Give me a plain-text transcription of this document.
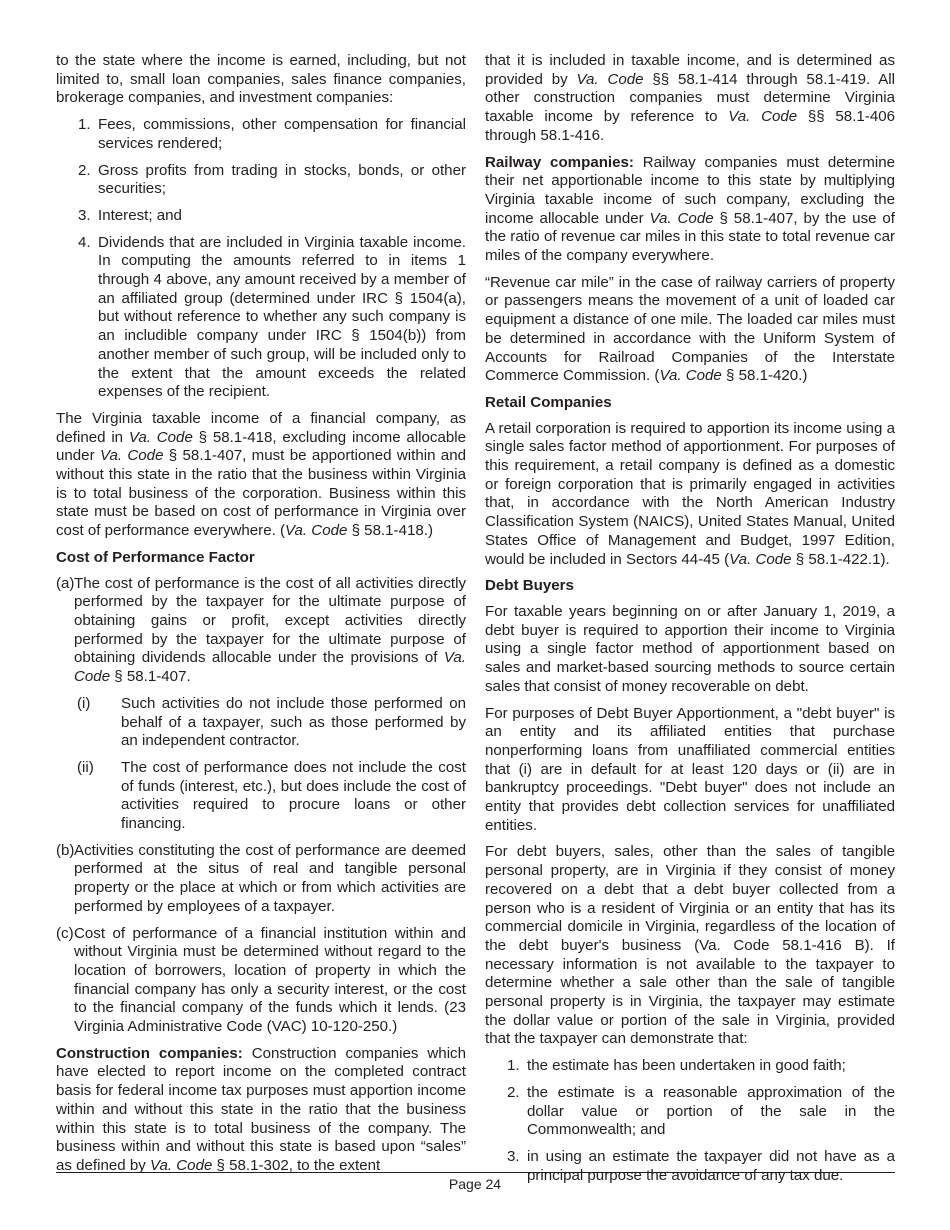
to the state where the income is earned, including, but not limited to, small loan companies, sales finance companies, brokerage companies, and investment companies:

1. Fees, commissions, other compensation for financial services rendered;
2. Gross profits from trading in stocks, bonds, or other securities;
3. Interest; and
4. Dividends that are included in Virginia taxable income. In computing the amounts referred to in items 1 through 4 above, any amount received by a member of an affiliated group (determined under IRC § 1504(a), but without reference to whether any such company is an includible company under IRC § 1504(b)) from another member of such group, will be included only to the extent that the amount exceeds the related expenses of the recipient.

The Virginia taxable income of a financial company, as defined in Va. Code § 58.1-418, excluding income allocable under Va. Code § 58.1-407, must be apportioned within and without this state in the ratio that the business within Virginia is to total business of the corporation. Business within this state must be based on cost of performance in Virginia over cost of performance everywhere. (Va. Code § 58.1-418.)

Cost of Performance Factor
(a) The cost of performance is the cost of all activities directly performed by the taxpayer for the ultimate purpose of obtaining gains or profit, except activities directly performed by the taxpayer for the ultimate purpose of obtaining dividends allocable under the provisions of Va. Code § 58.1-407.
(i)	Such activities do not include those performed on behalf of a taxpayer, such as those performed by an independent contractor.
(ii)	The cost of performance does not include the cost of funds (interest, etc.), but does include the cost of activities required to procure loans or other financing.
(b) Activities constituting the cost of performance are deemed performed at the situs of real and tangible personal property or the place at which or from which activities are performed by employees of a taxpayer.
(c) Cost of performance of a financial institution within and without Virginia must be determined without regard to the location of borrowers, location of property in which the financial company has only a security interest, or the cost to the financial company of the funds which it lends. (23 Virginia Administrative Code (VAC) 10-120-250.)

Construction companies: Construction companies which have elected to report income on the completed contract basis for federal income tax purposes must apportion income within and without this state in the ratio that the business within this state is to total business of the company. The business within and without this state is based upon “sales” as defined by Va. Code § 58.1-302, to the extent

that it is included in taxable income, and is determined as provided by Va. Code §§ 58.1-414 through 58.1-419. All other construction companies must determine Virginia taxable income by reference to Va. Code §§ 58.1-406 through 58.1-416.

Railway companies: Railway companies must determine their net apportionable income to this state by multiplying Virginia taxable income of such company, excluding the income allocable under Va. Code § 58.1-407, by the use of the ratio of revenue car miles in this state to total revenue car miles of the company everywhere.

“Revenue car mile” in the case of railway carriers of property or passengers means the movement of a unit of loaded car equipment a distance of one mile. The loaded car miles must be determined in accordance with the Uniform System of Accounts for Railroad Companies of the Interstate Commerce Commission. (Va. Code § 58.1-420.)

Retail Companies

A retail corporation is required to apportion its income using a single sales factor method of apportionment. For purposes of this requirement, a retail company is defined as a domestic or foreign corporation that is primarily engaged in activities that, in accordance with the North American Industry Classification System (NAICS), United States Manual, United States Office of Management and Budget, 1997 Edition, would be included in Sectors 44-45 (Va. Code § 58.1-422.1).

Debt Buyers

For taxable years beginning on or after January 1, 2019, a debt buyer is required to apportion their income to Virginia using a single factor method of apportionment based on sales and market-based sourcing methods to source certain sales that consist of money recoverable on debt.

For purposes of Debt Buyer Apportionment, a "debt buyer" is an entity and its affiliated entities that purchase nonperforming loans from unaffiliated commercial entities that (i) are in default for at least 120 days or (ii) are in bankruptcy proceedings. "Debt buyer" does not include an entity that provides debt collection services for unaffiliated entities.

For debt buyers, sales, other than the sales of tangible personal property, are in Virginia if they consist of money recovered on a debt that a debt buyer collected from a person who is a resident of Virginia or an entity that has its commercial domicile in Virginia, regardless of the location of the debt buyer's business (Va. Code 58.1-416 B). If necessary information is not available to the taxpayer to determine whether a sale other than the sale of tangible personal property is in Virginia, the taxpayer may estimate the dollar value or portion of the sale in Virginia, provided that the taxpayer can demonstrate that:

1. the estimate has been undertaken in good faith;
2. the estimate is a reasonable approximation of the dollar value or portion of the sale in the Commonwealth; and
3. in using an estimate the taxpayer did not have as a principal purpose the avoidance of any tax due.
Page 24
